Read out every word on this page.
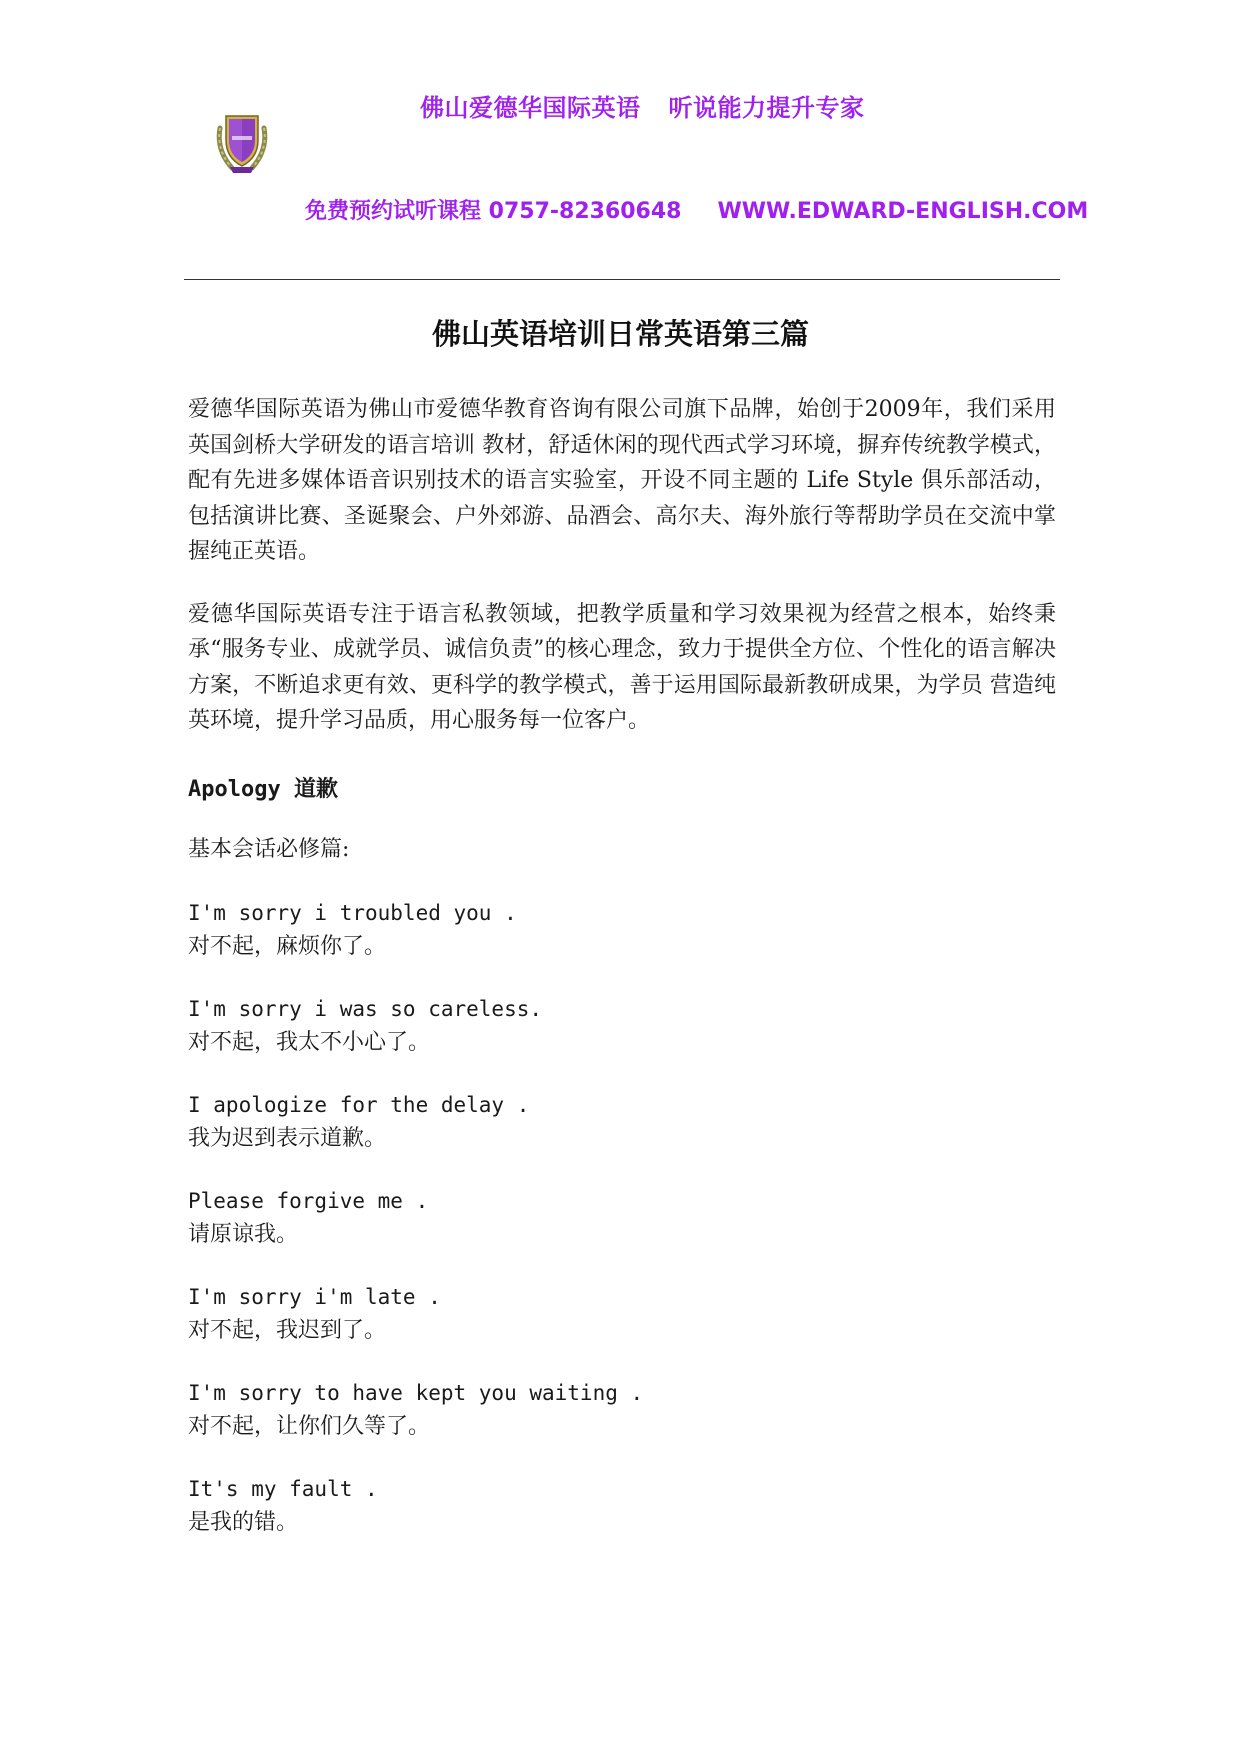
佛山爱德华国际英语 听说能力提升专家
免费预约试听课程 0757-82360648 WWW.EDWARD-ENGLISH.COM
佛山英语培训日常英语第三篇

爱德华国际英语为佛山市爱德华教育咨询有限公司旗下品牌，始创于2009年，我们采用英国剑桥大学研发的语言培训 教材，舒适休闲的现代西式学习环境，摒弃传统教学模式，配有先进多媒体语音识别技术的语言实验室，开设不同主题的 Life Style 俱乐部活动，包括演讲比赛、圣诞聚会、户外郊游、品酒会、高尔夫、海外旅行等帮助学员在交流中掌握纯正英语。

爱德华国际英语专注于语言私教领域，把教学质量和学习效果视为经营之根本，始终秉承“服务专业、成就学员、诚信负责”的核心理念，致力于提供全方位、个性化的语言解决方案，不断追求更有效、更科学的教学模式，善于运用国际最新教研成果，为学员 营造纯英环境，提升学习品质，用心服务每一位客户。

Apology 道歉
基本会话必修篇:
I'm sorry i troubled you .
对不起，麻烦你了。
I'm sorry i was so careless.
对不起，我太不小心了。
I apologize for the delay .
我为迟到表示道歉。
Please forgive me .
请原谅我。
I'm sorry i'm late .
对不起，我迟到了。
I'm sorry to have kept you waiting .
对不起，让你们久等了。
It's my fault .
是我的错。
